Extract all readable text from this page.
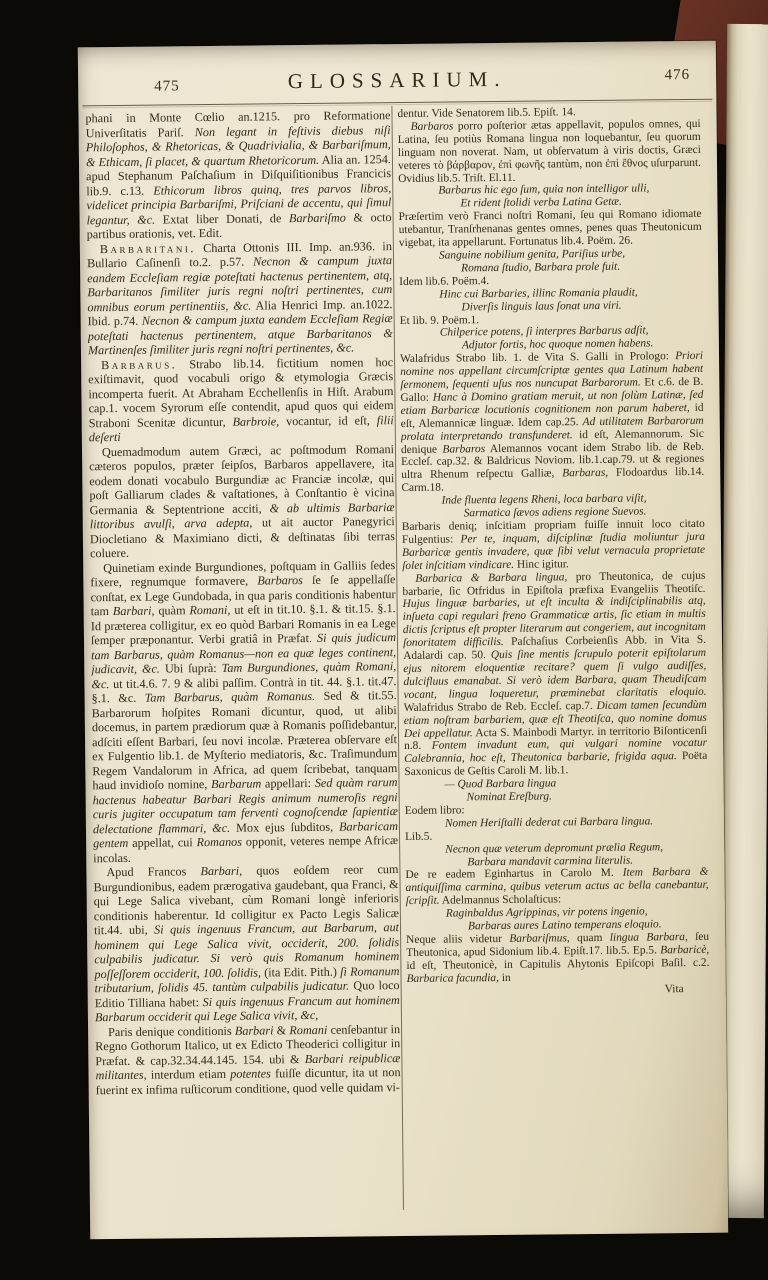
475	GLOSSARIUM.	476
phani in Monte Cœlio an.1215. pro Reformatione Univerſitatis Pariſ. Non legant in feſtivis diebus niſi Philoſophos, & Rhetoricas, & Quadrivialia, & Barbariſmum, & Ethicam, ſi placet, & quartum Rhetoricorum. Alia an. 1254. apud Stephanum Paſchaſium in Diſquiſitionibus Francicis lib.9. c.13. Ethicorum libros quinq, tres parvos libros, videlicet principia Barbariſmi, Priſciani de accentu, qui ſimul legantur, &c. Extat liber Donati, de Barbariſmo & octo partibus orationis, vet. Edit.
Barbaritani. Charta Ottonis III. Imp. an.936. in Bullario Caſinenſi to.2. p.57. Necnon & campum juxta eandem Eccleſiam regiæ poteſtati hactenus pertinentem, atq, Barbaritanos ſimiliter juris regni noſtri pertinentes, cum omnibus eorum pertinentiis, &c. Alia Henrici Imp. an.1022. Ibid. p.74. Necnon & campum juxta eandem Eccleſiam Regiæ poteſtati hactenus pertinentem, atque Barbaritanos & Martinenſes ſimiliter juris regni noſtri pertinentes, &c.
Barbarus. Strabo lib.14. fictitium nomen hoc exiſtimavit, quod vocabuli origo & etymologia Græcis incomperta fuerit. At Abraham Ecchellenſis in Hiſt. Arabum cap.1. vocem Syrorum eſſe contendit, apud quos qui eidem Straboni Scenitæ dicuntur, Barbroie, vocantur, id eſt, filii deſerti
Quemadmodum autem Græci, ac poſtmodum Romani cæteros populos, præter ſeipſos, Barbaros appellavere, ita eodem donati vocabulo Burgundiæ ac Franciæ incolæ, qui poſt Galliarum clades & vaſtationes, à Conſtantio è vicina Germania & Septentrione acciti, & ab ultimis Barbariæ littoribus avulſi, arva adepta, ut ait auctor Panegyrici Diocletiano & Maximiano dicti, & deſtinatas ſibi terras coluere.
Quinetiam exinde Burgundiones, poſtquam in Galliis ſedes fixere, regnumque formavere, Barbaros ſe ſe appellaſſe conſtat, ex Lege Gundobada, in qua paris conditionis habentur tam Barbari, quàm Romani, ut eſt in tit.10. §.1. & tit.15. §.1. Id præterea colligitur, ex eo quòd Barbari Romanis in ea Lege ſemper præponantur. Verbi gratiâ in Præfat. Si quis judicum tam Barbarus, quàm Romanus—non ea quæ leges continent, judicavit, &c. Ubi ſuprà: Tam Burgundiones, quàm Romani, &c. ut tit.4.6. 7. 9 & alibi paſſim. Contrà in tit. 44. §.1. tit.47. §.1. &c. Tam Barbarus, quàm Romanus. Sed & tit.55. Barbarorum hoſpites Romani dicuntur, quod, ut alibi docemus, in partem prædiorum quæ à Romanis poſſidebantur, adſciti eſſent Barbari, ſeu novi incolæ. Præterea obſervare eſt ex Fulgentio lib.1. de Myſterio mediatoris, &c. Traſimundum Regem Vandalorum in Africa, ad quem ſcribebat, tanquam haud invidioſo nomine, Barbarum appellari: Sed quàm rarum hactenus habeatur Barbari Regis animum numeroſis regni curis jugiter occupatum tam ferventi cognoſcendæ ſapientiæ delectatione flammari, &c. Mox ejus ſubditos, Barbaricam gentem appellat, cui Romanos opponit, veteres nempe Africæ incolas.
Apud Francos Barbari, quos eoſdem reor cum Burgundionibus, eadem prærogativa gaudebant, qua Franci, & qui Lege Salica vivebant, cùm Romani longè inferioris conditionis haberentur. Id colligitur ex Pacto Legis Salicæ tit.44. ubi, Si quis ingenuus Francum, aut Barbarum, aut hominem qui Lege Salica vivit, occiderit, 200. ſolidis culpabilis judicatur. Si verò quis Romanum hominem poſſeſſorem occiderit, 100. ſolidis, (ita Edit. Pith.) ſi Romanum tributarium, ſolidis 45. tantùm culpabilis judicatur. Quo loco Editio Tilliana habet: Si quis ingenuus Francum aut hominem Barbarum occiderit qui Lege Salica vivit, &c,
Paris denique conditionis Barbari & Romani cenſebantur in Regno Gothorum Italico, ut ex Edicto Theoderici colligitur in Præfat. & cap.32.34.44.145. 154. ubi & Barbari reipublicæ militantes, interdum etiam potentes fuiſſe dicuntur, ita ut non fuerint ex infima ruſticorum conditione, quod velle quidam vi-
dentur. Vide Senatorem lib.5. Epiſt. 14.
Barbaros porro poſterior ætas appellavit, populos omnes, qui Latina, ſeu potiùs Romana lingua non loquebantur, ſeu quorum linguam non noverat. Nam, ut obſervatum à viris doctis, Græci veteres τὸ βάρβαρον, ἐπὶ φωνῆς tantùm, non ἐπὶ ἔθνος uſurparunt. Ovidius lib.5. Triſt. El.11.
Barbarus hic ego ſum, quia non intelligor ulli,
Et rident ſtolidi verba Latina Getæ.
Præſertim verò Franci noſtri Romani, ſeu qui Romano idiomate utebantur, Tranſrhenanas gentes omnes, penes quas Theutonicum vigebat, ita appellarunt. Fortunatus lib.4. Poëm. 26.
Sanguine nobilium genita, Pariſius urbe,
Romana ſtudio, Barbara prole fuit.
Idem lib.6. Poëm.4.
Hinc cui Barbaries, illinc Romania plaudit,
Diverſis linguis laus ſonat una viri.
Et lib. 9. Poëm.1.
Chilperice potens, ſi interpres Barbarus adſit,
Adjutor fortis, hoc quoque nomen habens.
Walafridus Strabo lib. 1. de Vita S. Galli in Prologo: Priori nomine nos appellant circumſcriptæ gentes qua Latinum habent ſermonem, ſequenti uſus nos nuncupat Barbarorum. Et c.6. de B. Gallo: Hanc à Domino gratiam meruit, ut non ſolùm Latinæ, ſed etiam Barbaricæ locutionis cognitionem non parum haberet, id eſt, Alemannicæ linguæ. Idem cap.25. Ad utilitatem Barbarorum prolata interpretando transfunderet. id eſt, Alemannorum. Sic denique Barbaros Alemannos vocant idem Strabo lib. de Reb. Eccleſ. cap.32. & Baldricus Noviom. lib.1.cap.79. ut & regiones ultra Rhenum reſpectu Galliæ, Barbaras, Flodoardus lib.14. Carm.18.
Inde fluenta legens Rheni, loca barbara viſit,
Sarmatica ſævos adiens regione Suevos.
Barbaris deniq; inſcitiam propriam fuiſſe innuit loco citato Fulgentius: Per te, inquam, diſciplinæ ſtudia moliuntur jura Barbaricæ gentis invadere, quæ ſibi velut vernacula proprietate ſolet inſcitiam vindicare. Hinc igitur.
Barbarica & Barbara lingua, pro Theutonica, de cujus barbarie, ſic Otfridus in Epiſtola præfixa Evangeliis Theotiſc. Hujus linguæ barbaries, ut eſt inculta & indiſciplinabilis atq, inſueta capi regulari freno Grammaticæ artis, ſic etiam in multis dictis ſcriptus eſt propter literarum aut congeriem, aut incognitam ſonoritatem difficilis. Paſchaſius Corbeienſis Abb. in Vita S. Adalardi cap. 50. Quis ſine mentis ſcrupulo poterit epiſtolarum ejus nitorem eloquentiæ recitare? quem ſi vulgo audiſſes, dulcifluus emanabat. Si verò idem Barbara, quam Theudiſcam vocant, lingua loqueretur, præminebat claritatis eloquio. Walafridus Strabo de Reb. Eccleſ. cap.7. Dicam tamen ſecundùm etiam noſtram barbariem, quæ eſt Theotiſca, quo nomine domus Dei appellatur. Acta S. Mainbodi Martyr. in territorio Biſonticenſi n.8. Fontem invadunt eum, qui vulgari nomine vocatur Calebrannia, hoc eſt, Theutonica barbarie, frigida aqua. Poëta Saxonicus de Geſtis Caroli M. lib.1.
— Quod Barbara lingua
Nominat Ereſburg.
Eodem libro:
Nomen Heriſtalli dederat cui Barbara lingua.
Lib.5.
Necnon quæ veterum depromunt prælia Regum,
Barbara mandavit carmina literulis.
De re eadem Eginhartus in Carolo M. Item Barbara & antiquiſſima carmina, quibus veterum actus ac bella canebantur, ſcripſit. Adelmannus Scholaſticus:
Raginbaldus Agrippinas, vir potens ingenio,
Barbaras aures Latino temperans eloquio.
Neque aliis videtur Barbariſmus, quam lingua Barbara, ſeu Theutonica, apud Sidonium lib.4. Epiſt.17. lib.5. Ep.5. Barbaricè, id eſt, Theutonicè, in Capitulis Ahytonis Epiſcopi Baſil. c.2. Barbarica facundia, in
Vita
